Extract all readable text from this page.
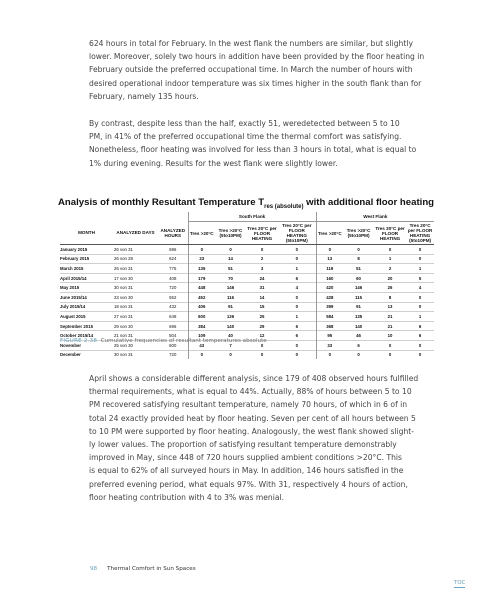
624 hours in total for February. In the west flank the numbers are similar, but slightly
lower. Moreover, solely two hours in addition have been provided by the floor heating in
February outside the preferred occupational time. In March the number of hours with
desired operational indoor temperature was six times higher in the south flank than for
February, namely 135 hours.
By contrast, despite less than the half, exactly 51, weredetected between 5 to 10
PM, in 41% of the preferred occupational time the thermal comfort was satisfying.
Nonetheless, floor heating was involved for less than 3 hours in total, what is equal to
1% during evening. Results for the west flank were slightly lower.
Analysis of monthly Resultant Temperature $T_{res (absolute)}$ with additional floor heating
			South Flank				West Flank			
MONTH	ANALYZED DAYS	ANALYZED HOURS	Tres >20°C	Tres >20°C (5to10PM)	Tres 20°C per FLOOR HEATING	Tres 20°C per FLOOR HEATING (5to10PM)	Tres >20°C	Tres >20°C (5to10PM)	Tres 20°C per FLOOR HEATING	Tres 20°C per FLOOR HEATING (5to10PM)
January 2015	26 von 31	696	0	0	0	0	0	0	0	0
February 2015	26 von 28	624	23	14	2	0	13	8	1	0
March 2015	26 von 31	775	135	51	3	1	119	51	2	1
April 2015/14	17 von 30	408	179	70	24	6	160	60	20	5
May 2015	30 von 31	720	448	146	31	4	420	146	26	4
June 2015/14	23 von 30	552	452	116	14	0	428	115	8	0
July 2015/14	18 von 31	432	406	91	15	0	399	91	13	0
August 2015	27 von 31	648	600	136	25	1	584	135	21	1
September 2015	29 von 30	696	384	140	29	6	368	140	21	6
October 2015/14	21 von 31	504	109	40	12	6	95	46	10	6
November	25 von 30	600	43	7	0	0	33	6	0	0
December	30 von 31	720	0	0	0	0	0	0	0	0
FIGURE 2.38 Cumulative frequencies of resultant temperatures absolute
April shows a considerable different analysis, since 179 of 408 observed hours fulfilled
thermal requirements, what is equal to 44%. Actually, 88% of hours between 5 to 10
PM recovered satisfying resultant temperature, namely 70 hours, of which in 6 of in
total 24 exactly provided heat by floor heating. Seven per cent of all hours between 5
to 10 PM were supported by floor heating. Analogously, the west flank showed slight-
ly lower values. The proportion of satisfying resultant temperature demonstrably
improved in May, since 448 of 720 hours supplied ambient conditions >20°C. This
is equal to 62% of all surveyed hours in May. In addition, 146 hours satisfied in the
preferred evening period, what equals 97%. With 31, respectively 4 hours of action,
floor heating contribution with 4 to 3% was menial.
98 Thermal Comfort in Sun Spaces
TOC
